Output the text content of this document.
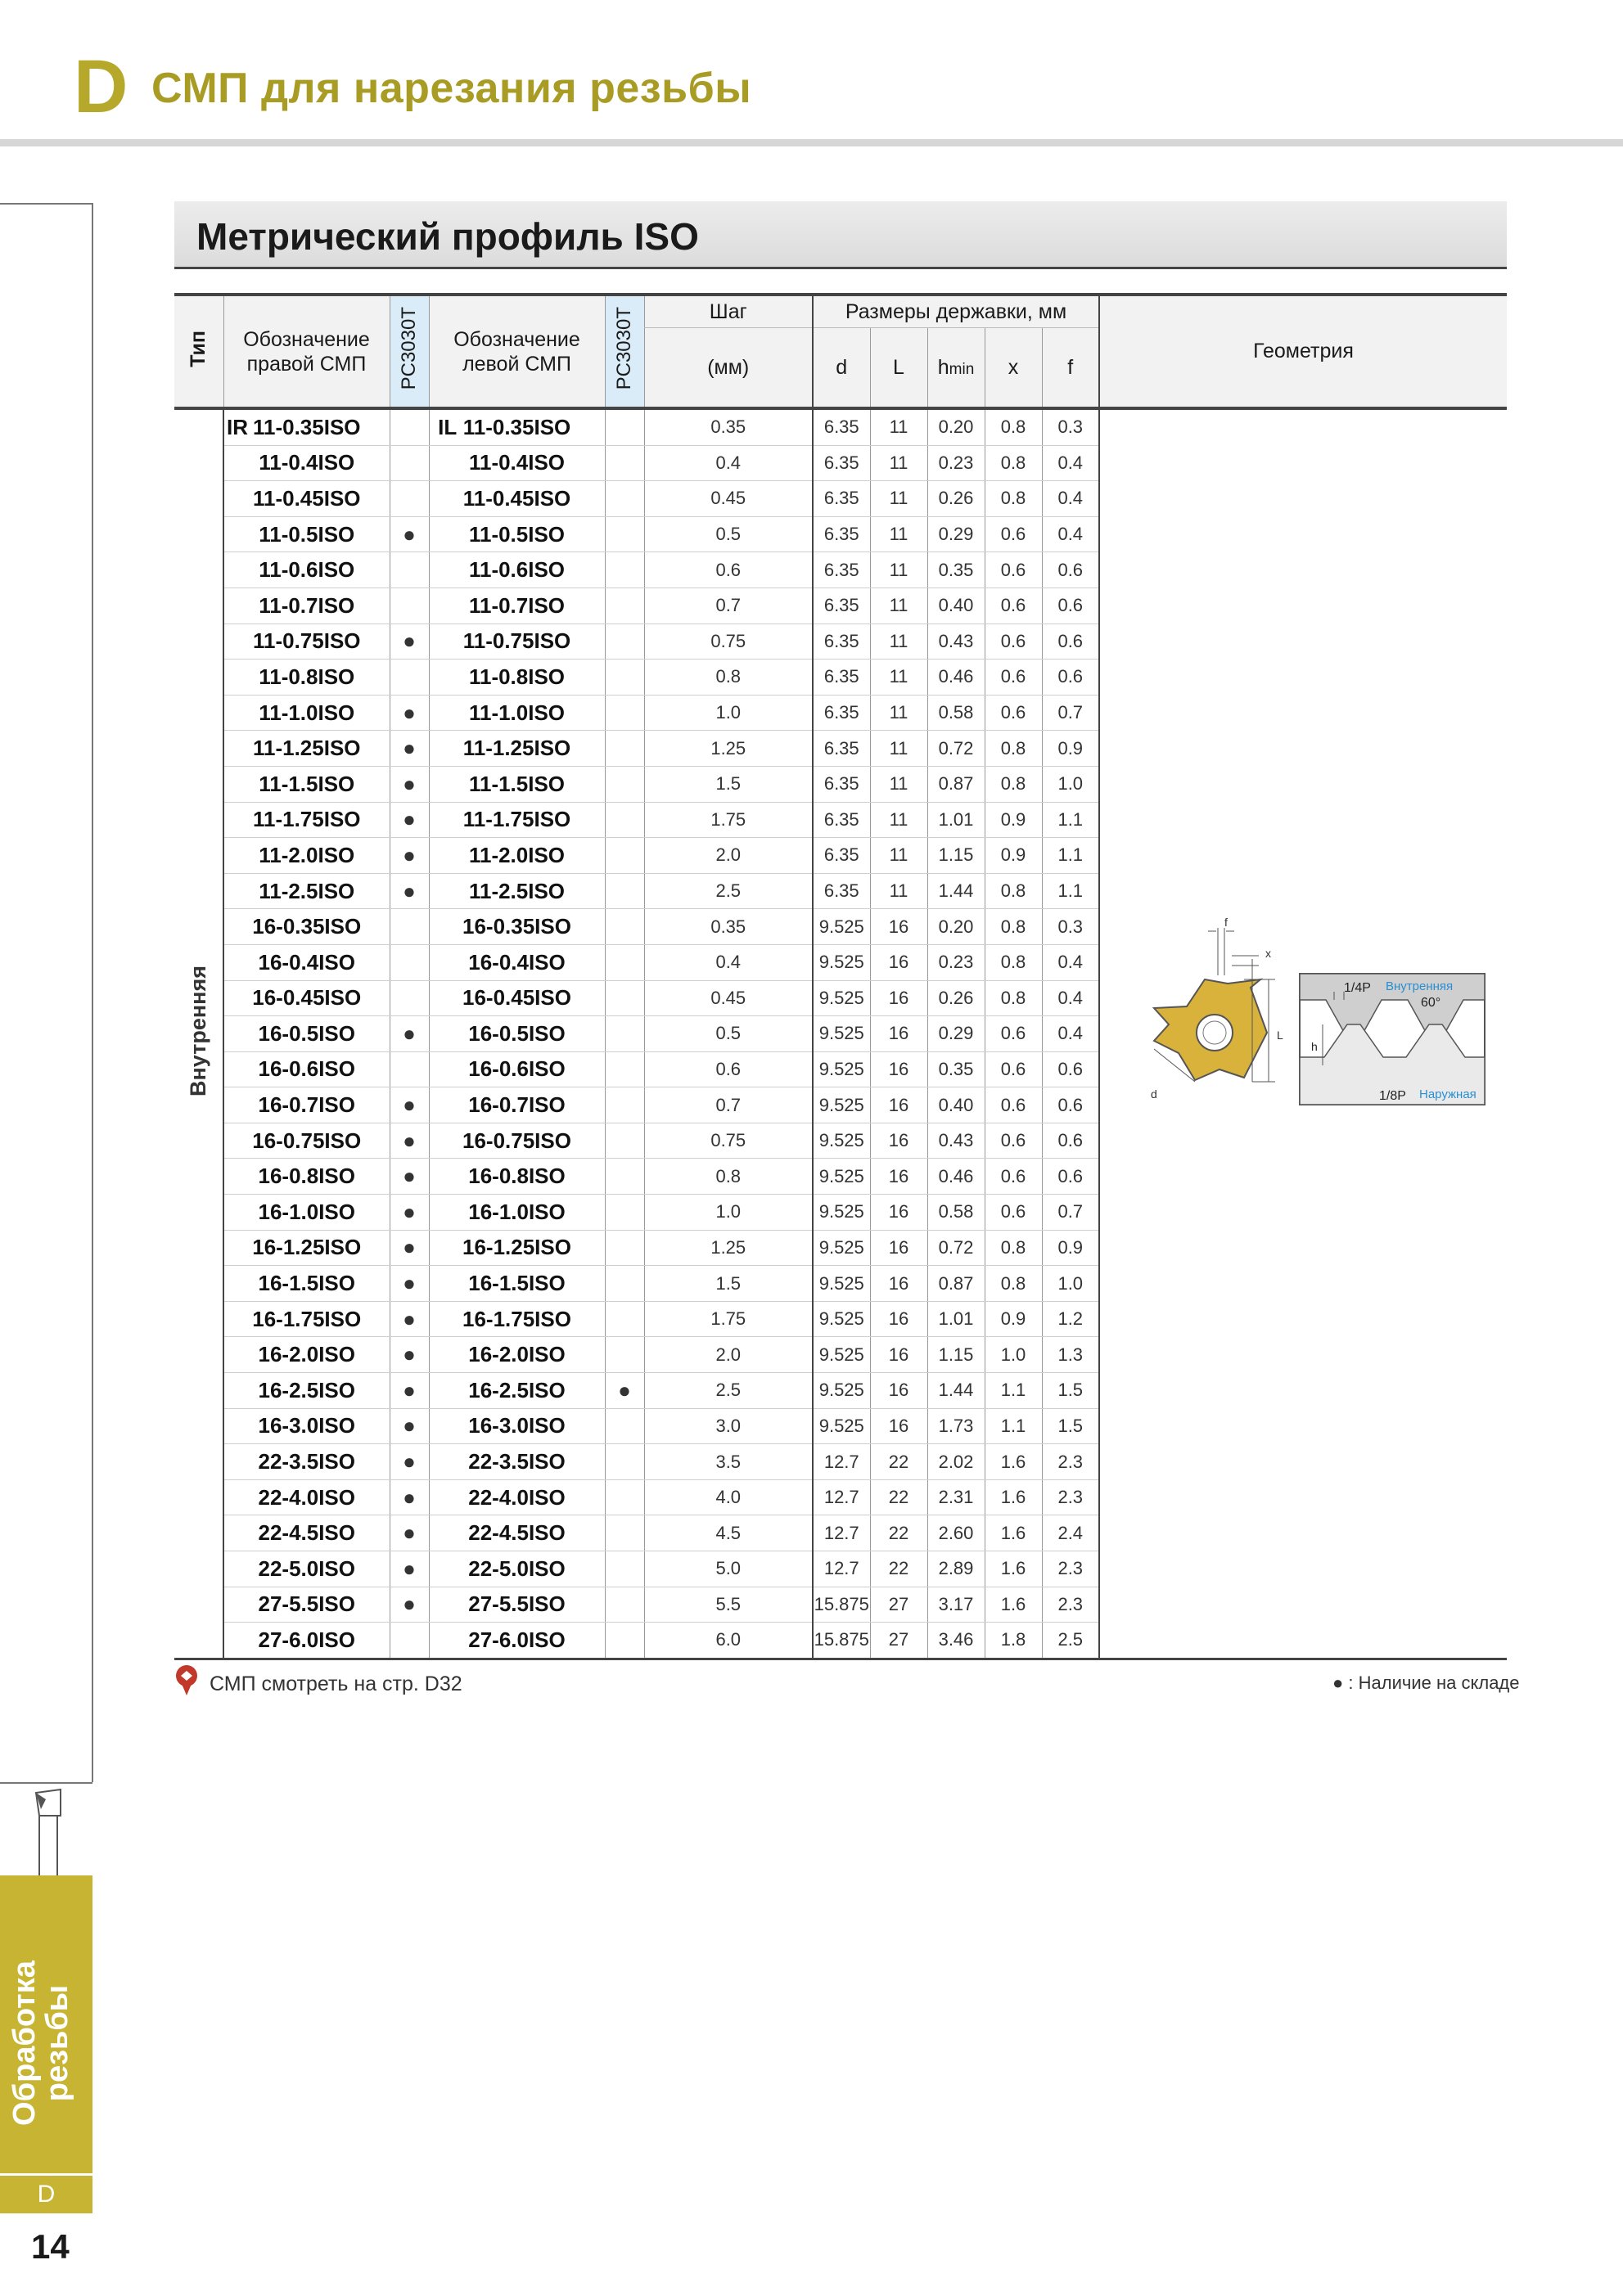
D СМП для нарезания резьбы
Обработка
резьбы
D
14
Метрический профиль ISO
Тип	Обозначение правой СМП	PC3030T	Обозначение левой СМП	PC3030T	Шаг	Размеры державки, мм					Геометрия
					(мм)	d	L	hmin	x	f	
Внутренняя	IR 11-0.35ISO		IL 11-0.35ISO		0.35	6.35	11	0.20	0.8	0.3	
	11-0.4ISO		11-0.4ISO		0.4	6.35	11	0.23	0.8	0.4	
	11-0.45ISO		11-0.45ISO		0.45	6.35	11	0.26	0.8	0.4	
	11-0.5ISO	●	11-0.5ISO		0.5	6.35	11	0.29	0.6	0.4	
	11-0.6ISO		11-0.6ISO		0.6	6.35	11	0.35	0.6	0.6	
	11-0.7ISO		11-0.7ISO		0.7	6.35	11	0.40	0.6	0.6	
	11-0.75ISO	●	11-0.75ISO		0.75	6.35	11	0.43	0.6	0.6	
	11-0.8ISO		11-0.8ISO		0.8	6.35	11	0.46	0.6	0.6	
	11-1.0ISO	●	11-1.0ISO		1.0	6.35	11	0.58	0.6	0.7	
	11-1.25ISO	●	11-1.25ISO		1.25	6.35	11	0.72	0.8	0.9	
	11-1.5ISO	●	11-1.5ISO		1.5	6.35	11	0.87	0.8	1.0	
	11-1.75ISO	●	11-1.75ISO		1.75	6.35	11	1.01	0.9	1.1	
	11-2.0ISO	●	11-2.0ISO		2.0	6.35	11	1.15	0.9	1.1	
	11-2.5ISO	●	11-2.5ISO		2.5	6.35	11	1.44	0.8	1.1	
	16-0.35ISO		16-0.35ISO		0.35	9.525	16	0.20	0.8	0.3	
	16-0.4ISO		16-0.4ISO		0.4	9.525	16	0.23	0.8	0.4	
	16-0.45ISO		16-0.45ISO		0.45	9.525	16	0.26	0.8	0.4	
	16-0.5ISO	●	16-0.5ISO		0.5	9.525	16	0.29	0.6	0.4	
	16-0.6ISO		16-0.6ISO		0.6	9.525	16	0.35	0.6	0.6	
	16-0.7ISO	●	16-0.7ISO		0.7	9.525	16	0.40	0.6	0.6	
	16-0.75ISO	●	16-0.75ISO		0.75	9.525	16	0.43	0.6	0.6	
	16-0.8ISO	●	16-0.8ISO		0.8	9.525	16	0.46	0.6	0.6	
	16-1.0ISO	●	16-1.0ISO		1.0	9.525	16	0.58	0.6	0.7	
	16-1.25ISO	●	16-1.25ISO		1.25	9.525	16	0.72	0.8	0.9	
	16-1.5ISO	●	16-1.5ISO		1.5	9.525	16	0.87	0.8	1.0	
	16-1.75ISO	●	16-1.75ISO		1.75	9.525	16	1.01	0.9	1.2	
	16-2.0ISO	●	16-2.0ISO		2.0	9.525	16	1.15	1.0	1.3	
	16-2.5ISO	●	16-2.5ISO	●	2.5	9.525	16	1.44	1.1	1.5	
	16-3.0ISO	●	16-3.0ISO		3.0	9.525	16	1.73	1.1	1.5	
	22-3.5ISO	●	22-3.5ISO		3.5	12.7	22	2.02	1.6	2.3	
	22-4.0ISO	●	22-4.0ISO		4.0	12.7	22	2.31	1.6	2.3	
	22-4.5ISO	●	22-4.5ISO		4.5	12.7	22	2.60	1.6	2.4	
	22-5.0ISO	●	22-5.0ISO		5.0	12.7	22	2.89	1.6	2.3	
	27-5.5ISO	●	27-5.5ISO		5.5	15.875	27	3.17	1.6	2.3	
	27-6.0ISO		27-6.0ISO		6.0	15.875	27	3.46	1.8	2.5	
f
x
L
d
1/4P Внутренняя
60°
h
1/8P Наружная
СМП смотреть на стр. D32	● : Наличие на складе
